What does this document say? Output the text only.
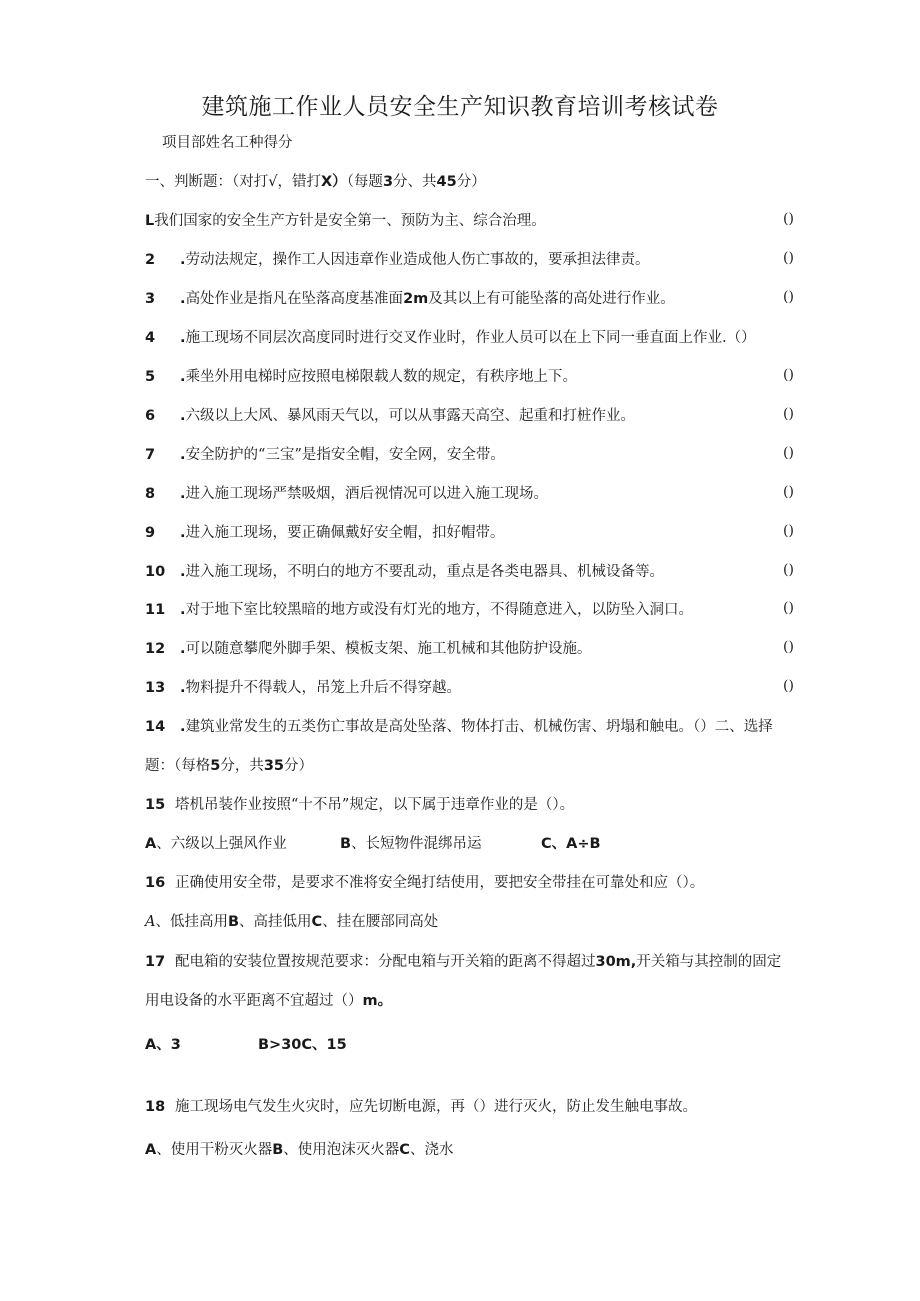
建筑施工作业人员安全生产知识教育培训考核试卷
项目部姓名工种得分
一、判断题：（对打√，错打X）（每题3分、共45分）
L我们国家的安全生产方针是安全第一、预防为主、综合治理。	()
2 .劳动法规定，操作工人因违章作业造成他人伤亡事故的，要承担法律责。	()
3 .高处作业是指凡在坠落高度基准面2m及其以上有可能坠落的高处进行作业。	()
4 .施工现场不同层次高度同时进行交叉作业时，作业人员可以在上下同一垂直面上作业.（）
5 .乘坐外用电梯时应按照电梯限载人数的规定，有秩序地上下。	()
6 .六级以上大风、暴风雨天气以，可以从事露天高空、起重和打桩作业。	()
7 .安全防护的“三宝”是指安全帽，安全网，安全带。	()
8 .进入施工现场严禁吸烟，酒后视情况可以进入施工现场。	()
9 .进入施工现场，要正确佩戴好安全帽，扣好帽带。	()
10 .进入施工现场，不明白的地方不要乱动，重点是各类电器具、机械设备等。	()
11 .对于地下室比较黑暗的地方或没有灯光的地方，不得随意进入，以防坠入洞口。	()
12 .可以随意攀爬外脚手架、模板支架、施工机械和其他防护设施。	()
13 .物料提升不得载人，吊笼上升后不得穿越。	()
14 .建筑业常发生的五类伤亡事故是高处坠落、物体打击、机械伤害、坍塌和触电。（）二、选择
题：（每格5分，共35分）
15 塔机吊装作业按照“十不吊”规定，以下属于违章作业的是（）。
A、六级以上强风作业	B、长短物件混绑吊运	C、A÷B
16 正确使用安全带，是要求不准将安全绳打结使用，要把安全带挂在可靠处和应（）。
A、低挂高用B、高挂低用C、挂在腰部同高处
17 配电箱的安装位置按规范要求：分配电箱与开关箱的距离不得超过30m,开关箱与其控制的固定
用电设备的水平距离不宜超过（）m。
A、3	B>30C、15
18 施工现场电气发生火灾时，应先切断电源，再（）进行灭火，防止发生触电事故。
A、使用干粉灭火器B、使用泡沫灭火器C、浇水
